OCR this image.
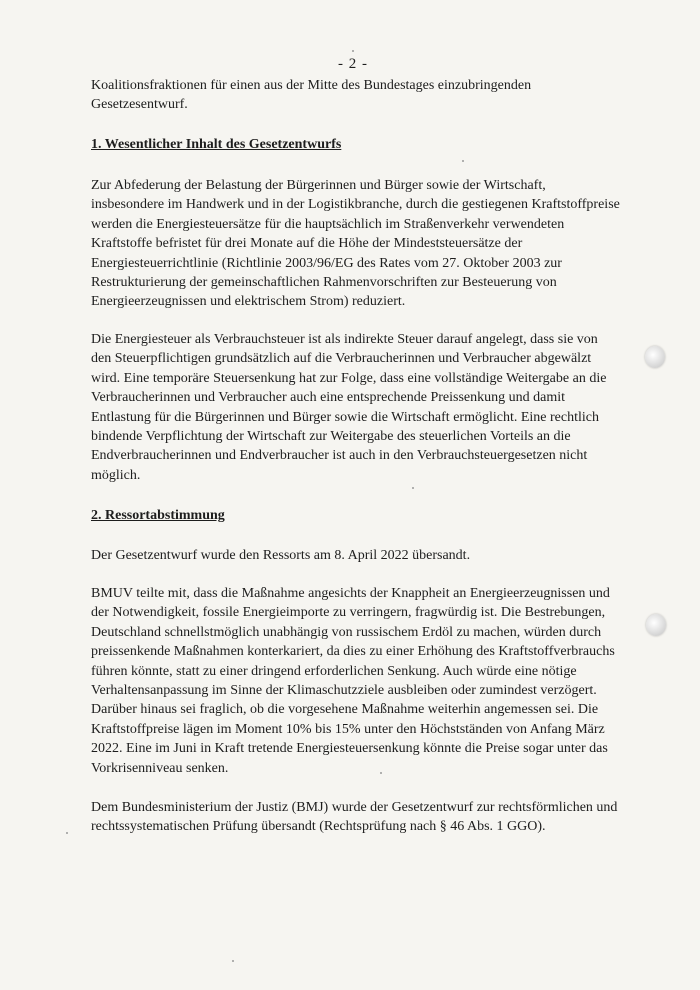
- 2 -
Koalitionsfraktionen für einen aus der Mitte des Bundestages einzubringenden
Gesetzesentwurf.
1. Wesentlicher Inhalt des Gesetzentwurfs
Zur Abfederung der Belastung der Bürgerinnen und Bürger sowie der Wirtschaft,
insbesondere im Handwerk und in der Logistikbranche, durch die gestiegenen Kraftstoffpreise
werden die Energiesteuersätze für die hauptsächlich im Straßenverkehr verwendeten
Kraftstoffe befristet für drei Monate auf die Höhe der Mindeststeuersätze der
Energiesteuerrichtlinie (Richtlinie 2003/96/EG des Rates vom 27. Oktober 2003 zur
Restrukturierung der gemeinschaftlichen Rahmenvorschriften zur Besteuerung von
Energieerzeugnissen und elektrischem Strom) reduziert.
Die Energiesteuer als Verbrauchsteuer ist als indirekte Steuer darauf angelegt, dass sie von
den Steuerpflichtigen grundsätzlich auf die Verbraucherinnen und Verbraucher abgewälzt
wird. Eine temporäre Steuersenkung hat zur Folge, dass eine vollständige Weitergabe an die
Verbraucherinnen und Verbraucher auch eine entsprechende Preissenkung und damit
Entlastung für die Bürgerinnen und Bürger sowie die Wirtschaft ermöglicht. Eine rechtlich
bindende Verpflichtung der Wirtschaft zur Weitergabe des steuerlichen Vorteils an die
Endverbraucherinnen und Endverbraucher ist auch in den Verbrauchsteuergesetzen nicht
möglich.
2. Ressortabstimmung
Der Gesetzentwurf wurde den Ressorts am 8. April 2022 übersandt.
BMUV teilte mit, dass die Maßnahme angesichts der Knappheit an Energieerzeugnissen und
der Notwendigkeit, fossile Energieimporte zu verringern, fragwürdig ist. Die Bestrebungen,
Deutschland schnellstmöglich unabhängig von russischem Erdöl zu machen, würden durch
preissenkende Maßnahmen konterkariert, da dies zu einer Erhöhung des Kraftstoffverbrauchs
führen könnte, statt zu einer dringend erforderlichen Senkung. Auch würde eine nötige
Verhaltensanpassung im Sinne der Klimaschutzziele ausbleiben oder zumindest verzögert.
Darüber hinaus sei fraglich, ob die vorgesehene Maßnahme weiterhin angemessen sei. Die
Kraftstoffpreise lägen im Moment 10% bis 15% unter den Höchstständen von Anfang März
2022. Eine im Juni in Kraft tretende Energiesteuersenkung könnte die Preise sogar unter das
Vorkrisenniveau senken.
Dem Bundesministerium der Justiz (BMJ) wurde der Gesetzentwurf zur rechtsförmlichen und
rechtssystematischen Prüfung übersandt (Rechtsprüfung nach § 46 Abs. 1 GGO).
